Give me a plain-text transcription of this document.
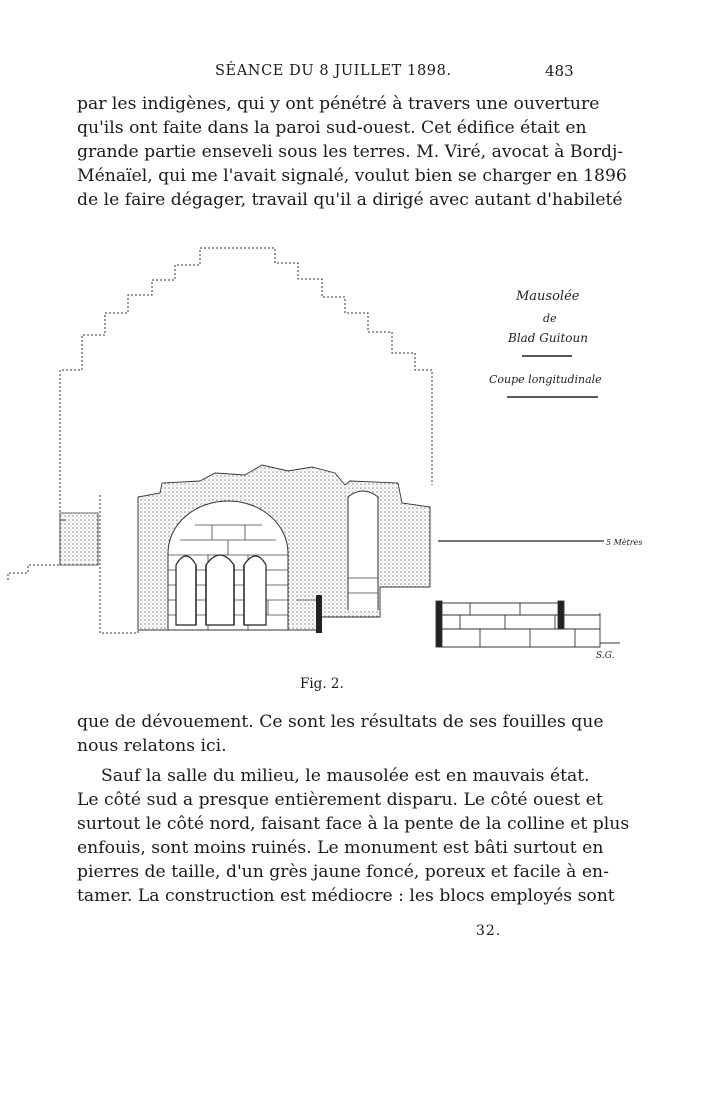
SÉANCE DU 8 JUILLET 1898.	483
par les indigènes, qui y ont pénétré à travers une ouverture
qu'ils ont faite dans la paroi sud-ouest. Cet édifice était en
grande partie enseveli sous les terres. M. Viré, avocat à Bordj-
Ménaïel, qui me l'avait signalé, voulut bien se charger en 1896
de le faire dégager, travail qu'il a dirigé avec autant d'habileté
5 Mètres
Mausolée
de
Blad Guitoun
Coupe longitudinale
S.G.
Fig. 2.
que de dévouement. Ce sont les résultats de ses fouilles que
nous relatons ici.
Sauf la salle du milieu, le mausolée est en mauvais état.
Le côté sud a presque entièrement disparu. Le côté ouest et
surtout le côté nord, faisant face à la pente de la colline et plus
enfouis, sont moins ruinés. Le monument est bâti surtout en
pierres de taille, d'un grès jaune foncé, poreux et facile à en-
tamer. La construction est médiocre : les blocs employés sont
32.
